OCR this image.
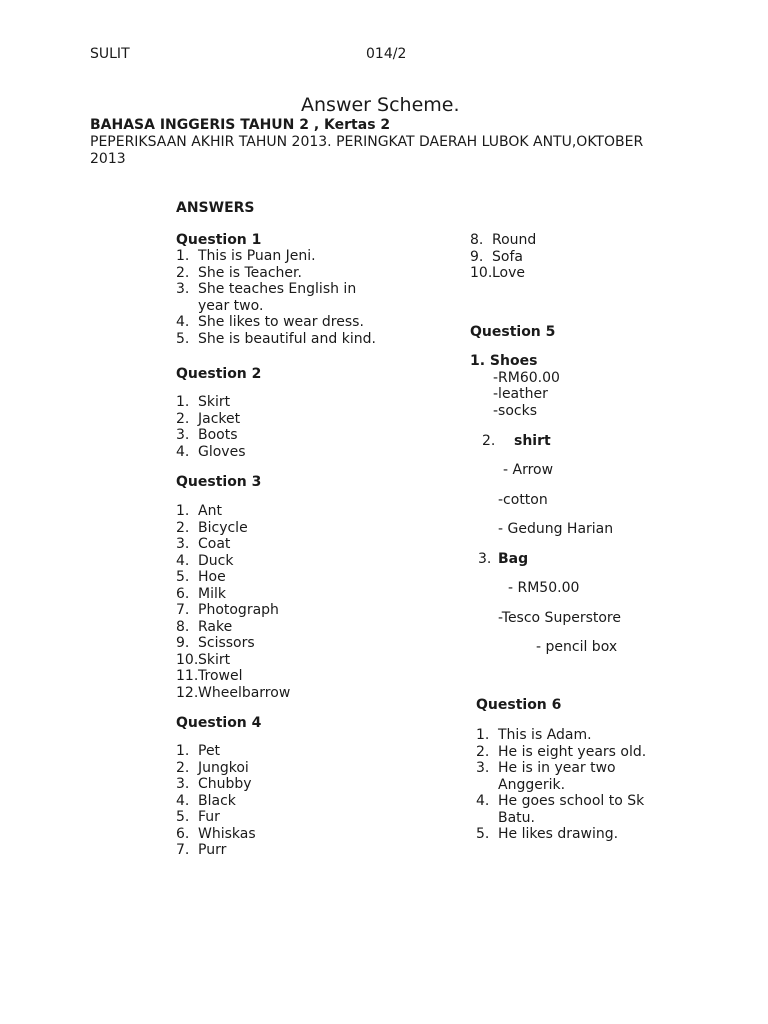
SULIT	014/2
Answer Scheme.
BAHASA INGGERIS TAHUN 2 , Kertas 2
PEPERIKSAAN AKHIR TAHUN 2013. PERINGKAT DAERAH LUBOK ANTU,OKTOBER
2013
ANSWERS
Question 1
1. This is Puan Jeni.
2. She is Teacher.
3. She teaches English in
year two.
4. She likes to wear dress.
5. She is beautiful and kind.
Question 2
1. Skirt
2. Jacket
3. Boots
4. Gloves
Question 3
1. Ant
2. Bicycle
3. Coat
4. Duck
5. Hoe
6. Milk
7. Photograph
8. Rake
9. Scissors
10. Skirt
11. Trowel
12. Wheelbarrow
Question 4
1. Pet
2. Jungkoi
3. Chubby
4. Black
5. Fur
6. Whiskas
7. Purr
8. Round
9. Sofa
10. Love
Question 5
1. Shoes
-RM60.00
-leather
-socks
2. shirt
- Arrow
-cotton
- Gedung Harian
3. Bag
- RM50.00
-Tesco Superstore
- pencil box
Question 6
1. This is Adam.
2. He is eight years old.
3. He is in year two
Anggerik.
4. He goes school to Sk
Batu.
5. He likes drawing.
